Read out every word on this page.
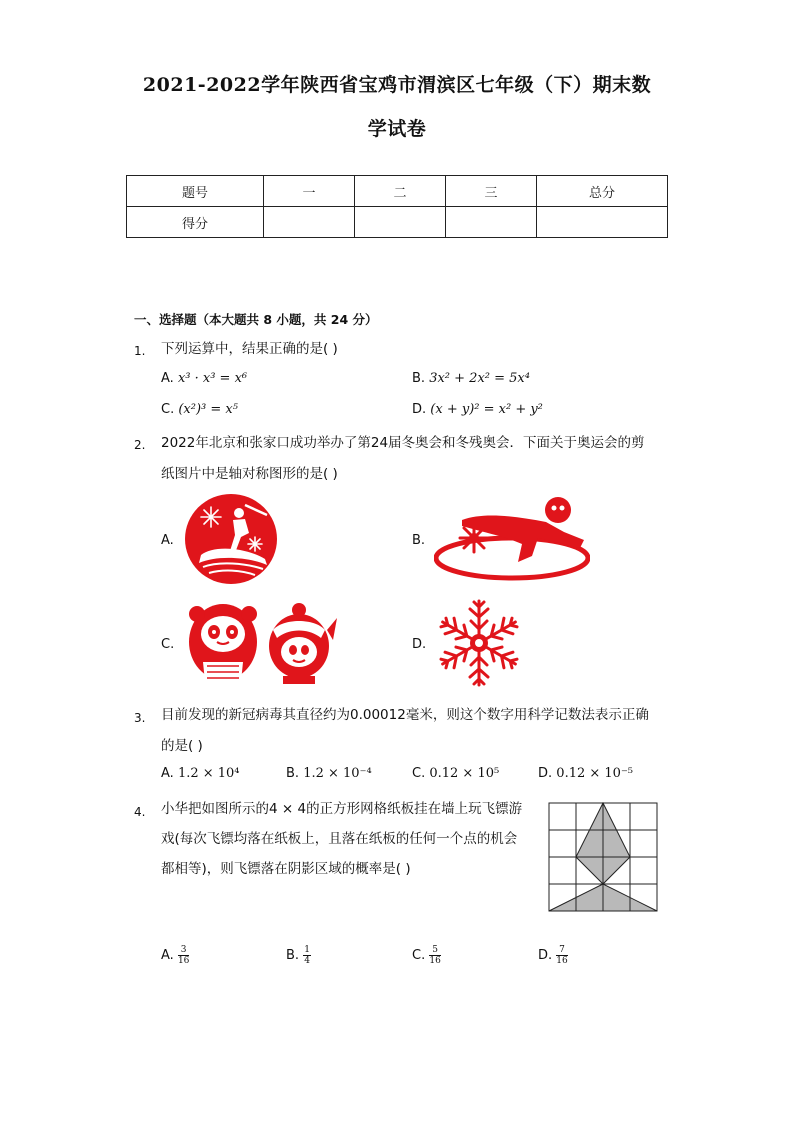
2021-2022学年陕西省宝鸡市渭滨区七年级（下）期末数
学试卷
题号	一	二	三	总分
得分				
一、选择题（本大题共 8 小题，共 24 分）
1. 下列运算中，结果正确的是( )
A. x³ · x³ = x⁶	B. 3x² + 2x² = 5x⁴
C. (x²)³ = x⁵	D. (x + y)² = x² + y²
2. 2022年北京和张家口成功举办了第24届冬奥会和冬残奥会．下面关于奥运会的剪
纸图片中是轴对称图形的是( )
A.	B.
C.	D.
3. 目前发现的新冠病毒其直径约为0.00012毫米，则这个数字用科学记数法表示正确
的是( )
A. 1.2 × 10⁴	B. 1.2 × 10⁻⁴	C. 0.12 × 10⁵	D. 0.12 × 10⁻⁵
4. 小华把如图所示的4 × 4的正方形网格纸板挂在墙上玩飞镖游
戏(每次飞镖均落在纸板上，且落在纸板的任何一个点的机会
都相等)，则飞镖落在阴影区域的概率是( )
A. $\frac{3}{16}$	B. $\frac{1}{4}$	C. $\frac{5}{16}$	D. $\frac{7}{16}$
